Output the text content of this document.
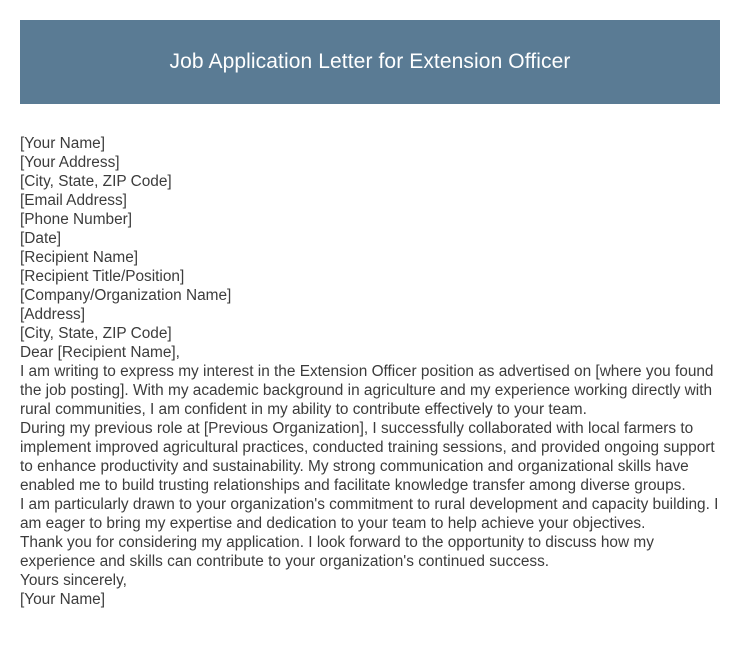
Job Application Letter for Extension Officer

[Your Name]

[Your Address]

[City, State, ZIP Code]

[Email Address]

[Phone Number]

[Date]

[Recipient Name]

[Recipient Title/Position]

[Company/Organization Name]

[Address]

[City, State, ZIP Code]

Dear [Recipient Name],

I am writing to express my interest in the Extension Officer position as advertised on [where you found the job posting]. With my academic background in agriculture and my experience working directly with rural communities, I am confident in my ability to contribute effectively to your team.

During my previous role at [Previous Organization], I successfully collaborated with local farmers to implement improved agricultural practices, conducted training sessions, and provided ongoing support to enhance productivity and sustainability. My strong communication and organizational skills have enabled me to build trusting relationships and facilitate knowledge transfer among diverse groups.

I am particularly drawn to your organization's commitment to rural development and capacity building. I am eager to bring my expertise and dedication to your team to help achieve your objectives.

Thank you for considering my application. I look forward to the opportunity to discuss how my experience and skills can contribute to your organization's continued success.

Yours sincerely,

[Your Name]
